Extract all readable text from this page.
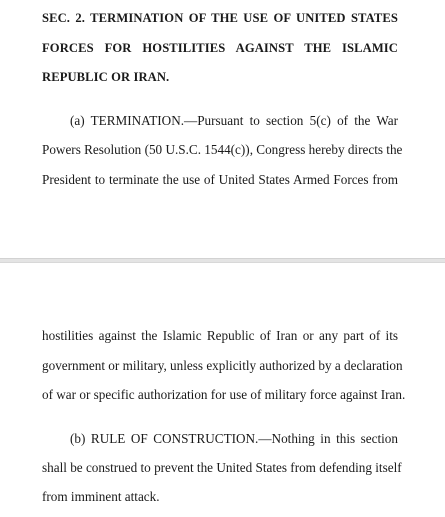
SEC. 2. TERMINATION OF THE USE OF UNITED STATES
FORCES FOR HOSTILITIES AGAINST THE ISLAMIC
REPUBLIC OR IRAN.
(a) TERMINATION.—Pursuant to section 5(c) of the War
Powers Resolution (50 U.S.C. 1544(c)), Congress hereby directs the
President to terminate the use of United States Armed Forces from
hostilities against the Islamic Republic of Iran or any part of its
government or military, unless explicitly authorized by a declaration
of war or specific authorization for use of military force against Iran.
(b) RULE OF CONSTRUCTION.—Nothing in this section
shall be construed to prevent the United States from defending itself
from imminent attack.
